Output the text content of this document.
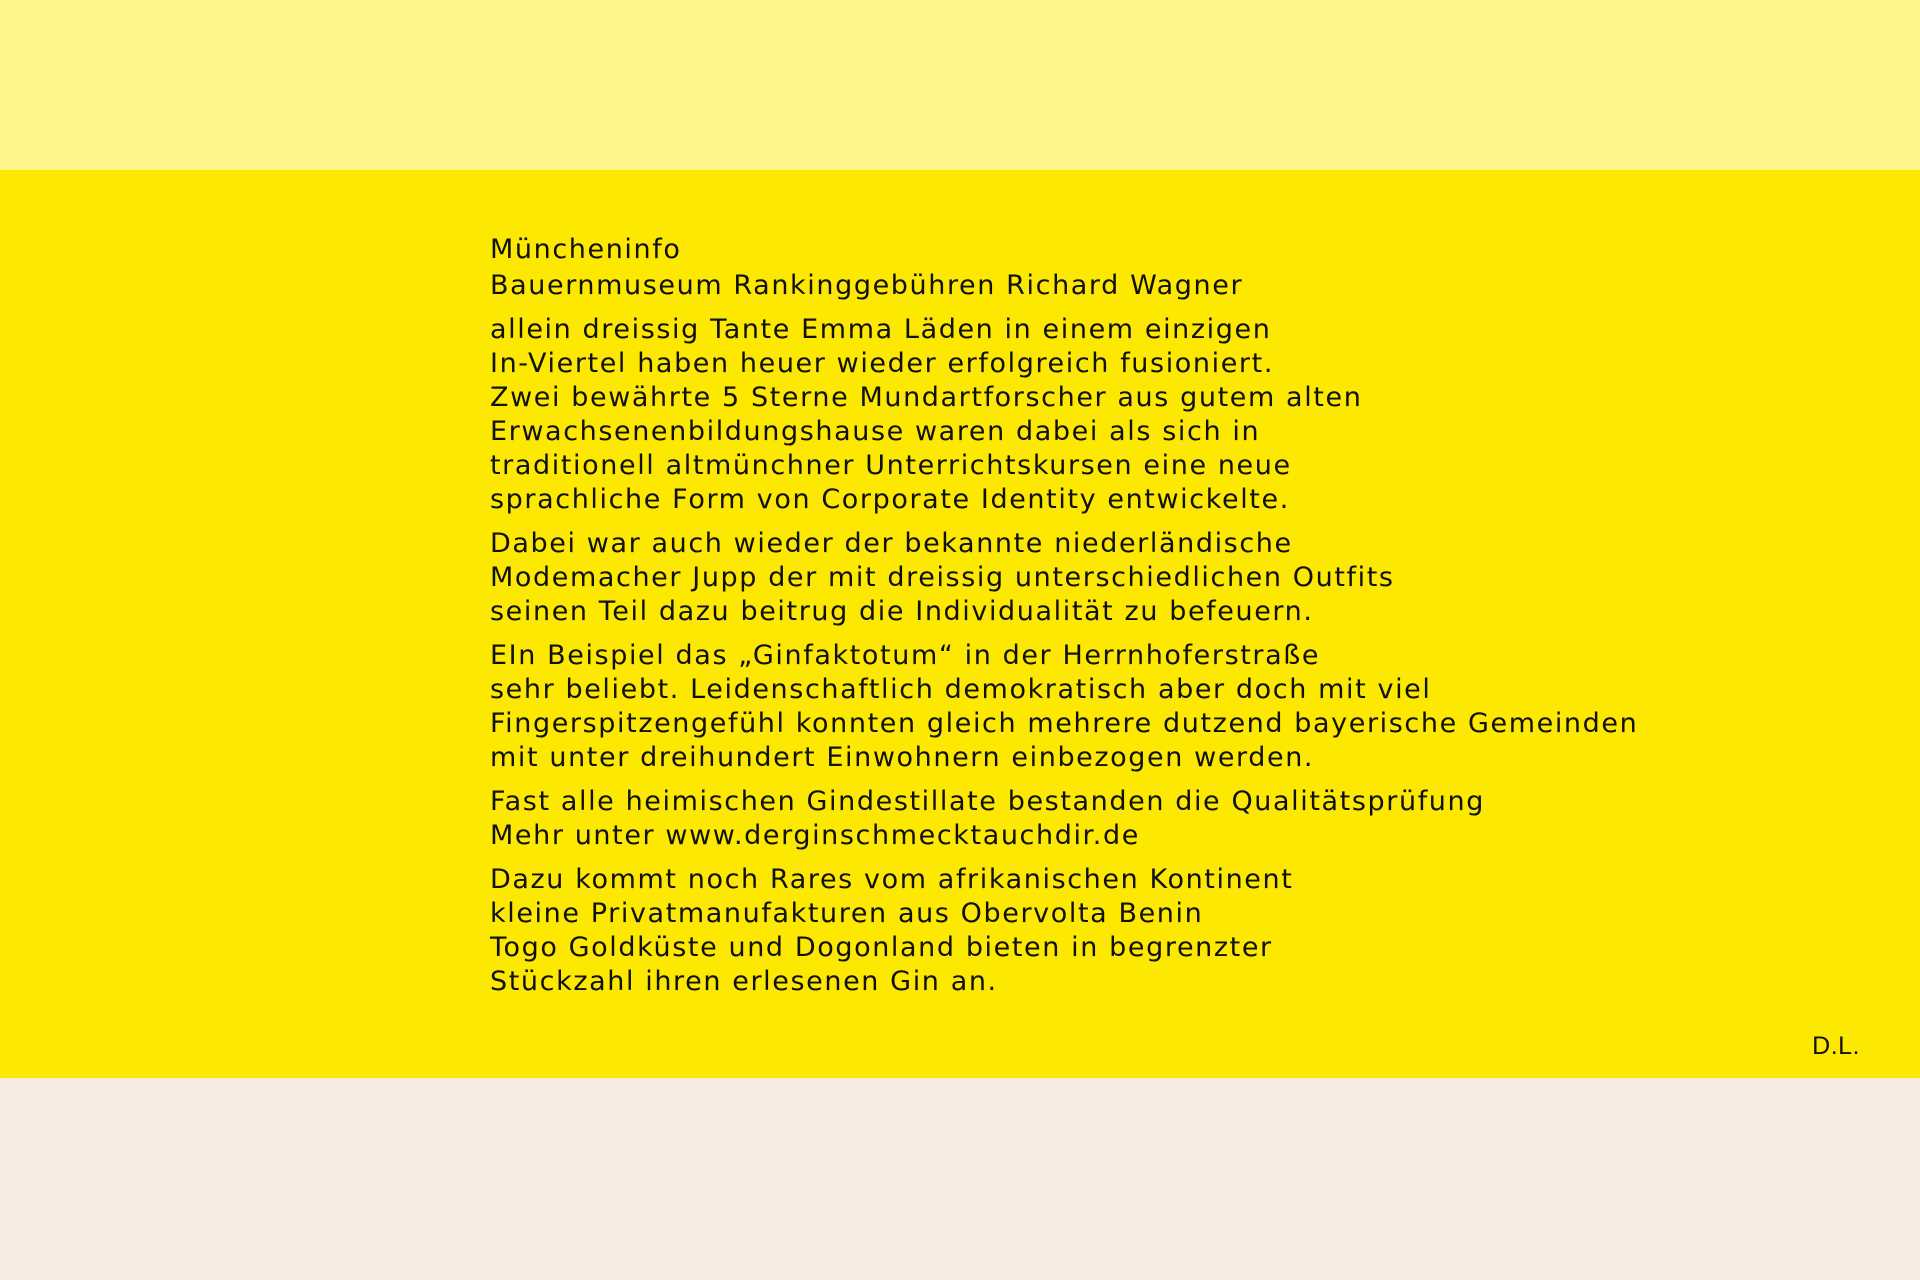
Müncheninfo
Bauernmuseum Rankinggebühren Richard Wagner
allein dreissig Tante Emma Läden in einem einzigen
In-Viertel haben heuer wieder erfolgreich fusioniert.
Zwei bewährte 5 Sterne Mundartforscher aus gutem alten
Erwachsenenbildungshause waren dabei als sich in
traditionell altmünchner Unterrichtskursen eine neue
sprachliche Form von Corporate Identity entwickelte.
Dabei war auch wieder der bekannte niederländische
Modemacher Jupp der mit dreissig unterschiedlichen Outfits
seinen Teil dazu beitrug die Individualität zu befeuern.
EIn Beispiel das „Ginfaktotum“ in der Herrnhoferstraße
sehr beliebt. Leidenschaftlich demokratisch aber doch mit viel
Fingerspitzengefühl konnten gleich mehrere dutzend bayerische Gemeinden
mit unter dreihundert Einwohnern einbezogen werden.
Fast alle heimischen Gindestillate bestanden die Qualitätsprüfung
Mehr unter www.derginschmecktauchdir.de
Dazu kommt noch Rares vom afrikanischen Kontinent
kleine Privatmanufakturen aus Obervolta Benin
Togo Goldküste und Dogonland bieten in begrenzter
Stückzahl ihren erlesenen Gin an.
D.L.
